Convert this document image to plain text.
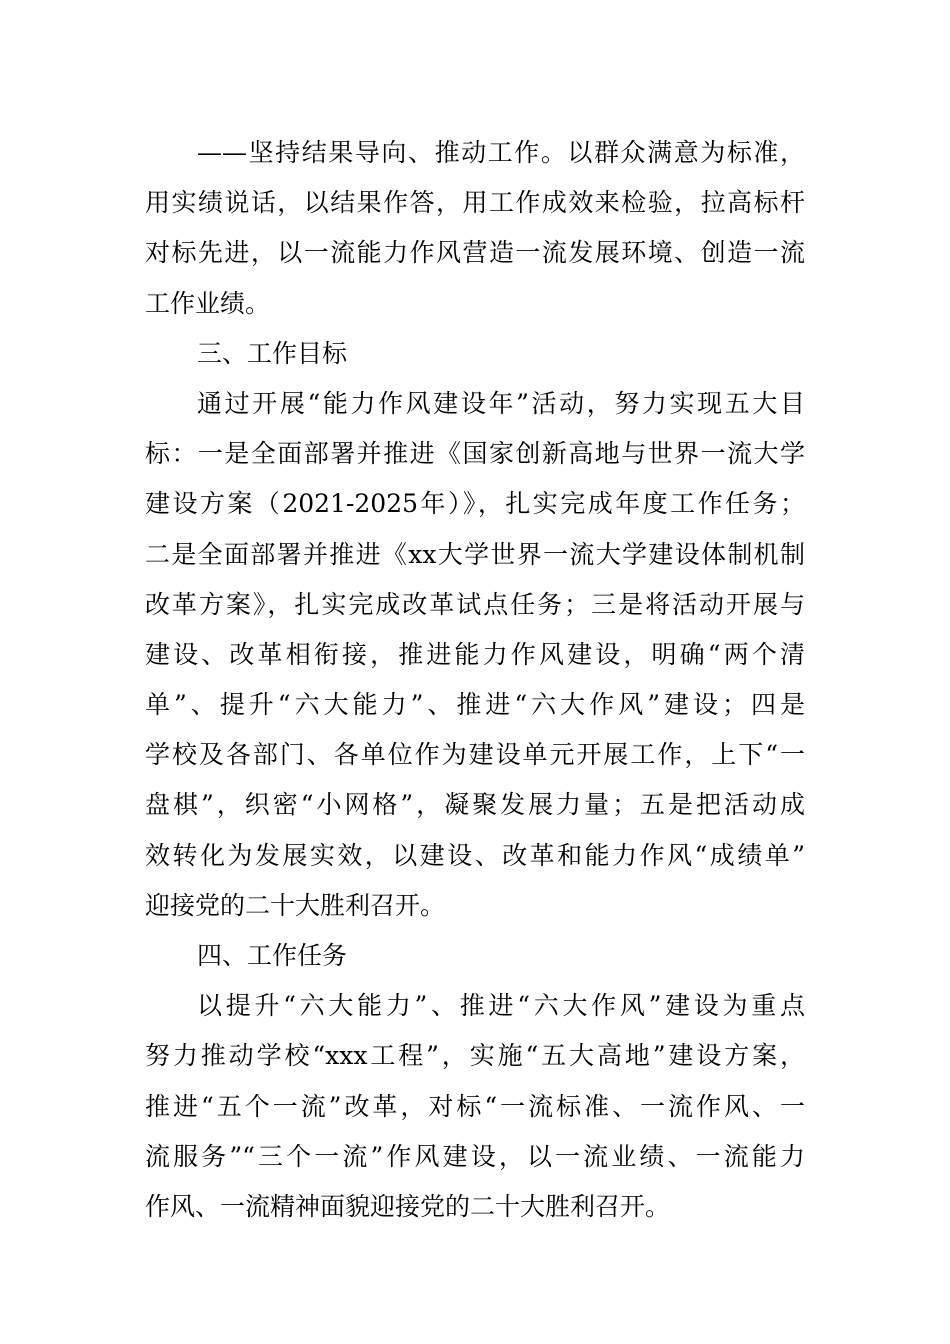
——坚持结果导向、推动工作。以群众满意为标准，
用实绩说话，以结果作答，用工作成效来检验，拉高标杆
对标先进，以一流能力作风营造一流发展环境、创造一流
工作业绩。
三、工作目标
通过开展“能力作风建设年”活动，努力实现五大目
标：一是全面部署并推进《国家创新高地与世界一流大学
建设方案（2021-2025年）》，扎实完成年度工作任务；
二是全面部署并推进《xx大学世界一流大学建设体制机制
改革方案》，扎实完成改革试点任务；三是将活动开展与
建设、改革相衔接，推进能力作风建设，明确“两个清
单”、提升“六大能力”、推进“六大作风”建设；四是
学校及各部门、各单位作为建设单元开展工作，上下“一
盘棋”，织密“小网格”，凝聚发展力量；五是把活动成
效转化为发展实效，以建设、改革和能力作风“成绩单”
迎接党的二十大胜利召开。
四、工作任务
以提升“六大能力”、推进“六大作风”建设为重点
努力推动学校“xxx工程”，实施“五大高地”建设方案，
推进“五个一流”改革，对标“一流标准、一流作风、一
流服务”“三个一流”作风建设，以一流业绩、一流能力
作风、一流精神面貌迎接党的二十大胜利召开。
